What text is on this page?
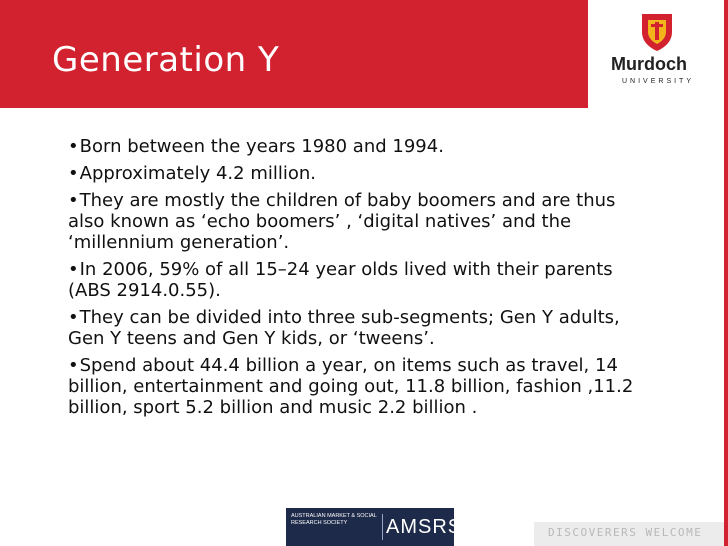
Generation Y	Murdoch
UNIVERSITY
•Born between the years 1980 and 1994.
•Approximately 4.2 million.
•They are mostly the children of baby boomers and are thus also known as ‘echo boomers’ , ‘digital natives’ and the ‘millennium generation’.
•In 2006, 59% of all 15–24 year olds lived with their parents (ABS 2914.0.55).
•They can be divided into three sub-segments; Gen Y adults, Gen Y teens and Gen Y kids, or ‘tweens’.
•Spend about 44.4 billion a year, on items such as travel, 14 billion, entertainment and going out, 11.8 billion, fashion ,11.2 billion, sport 5.2 billion and music 2.2 billion .
AUSTRALIAN MARKET & SOCIAL RESEARCH SOCIETY	AMSRS	DISCOVERERS WELCOME
